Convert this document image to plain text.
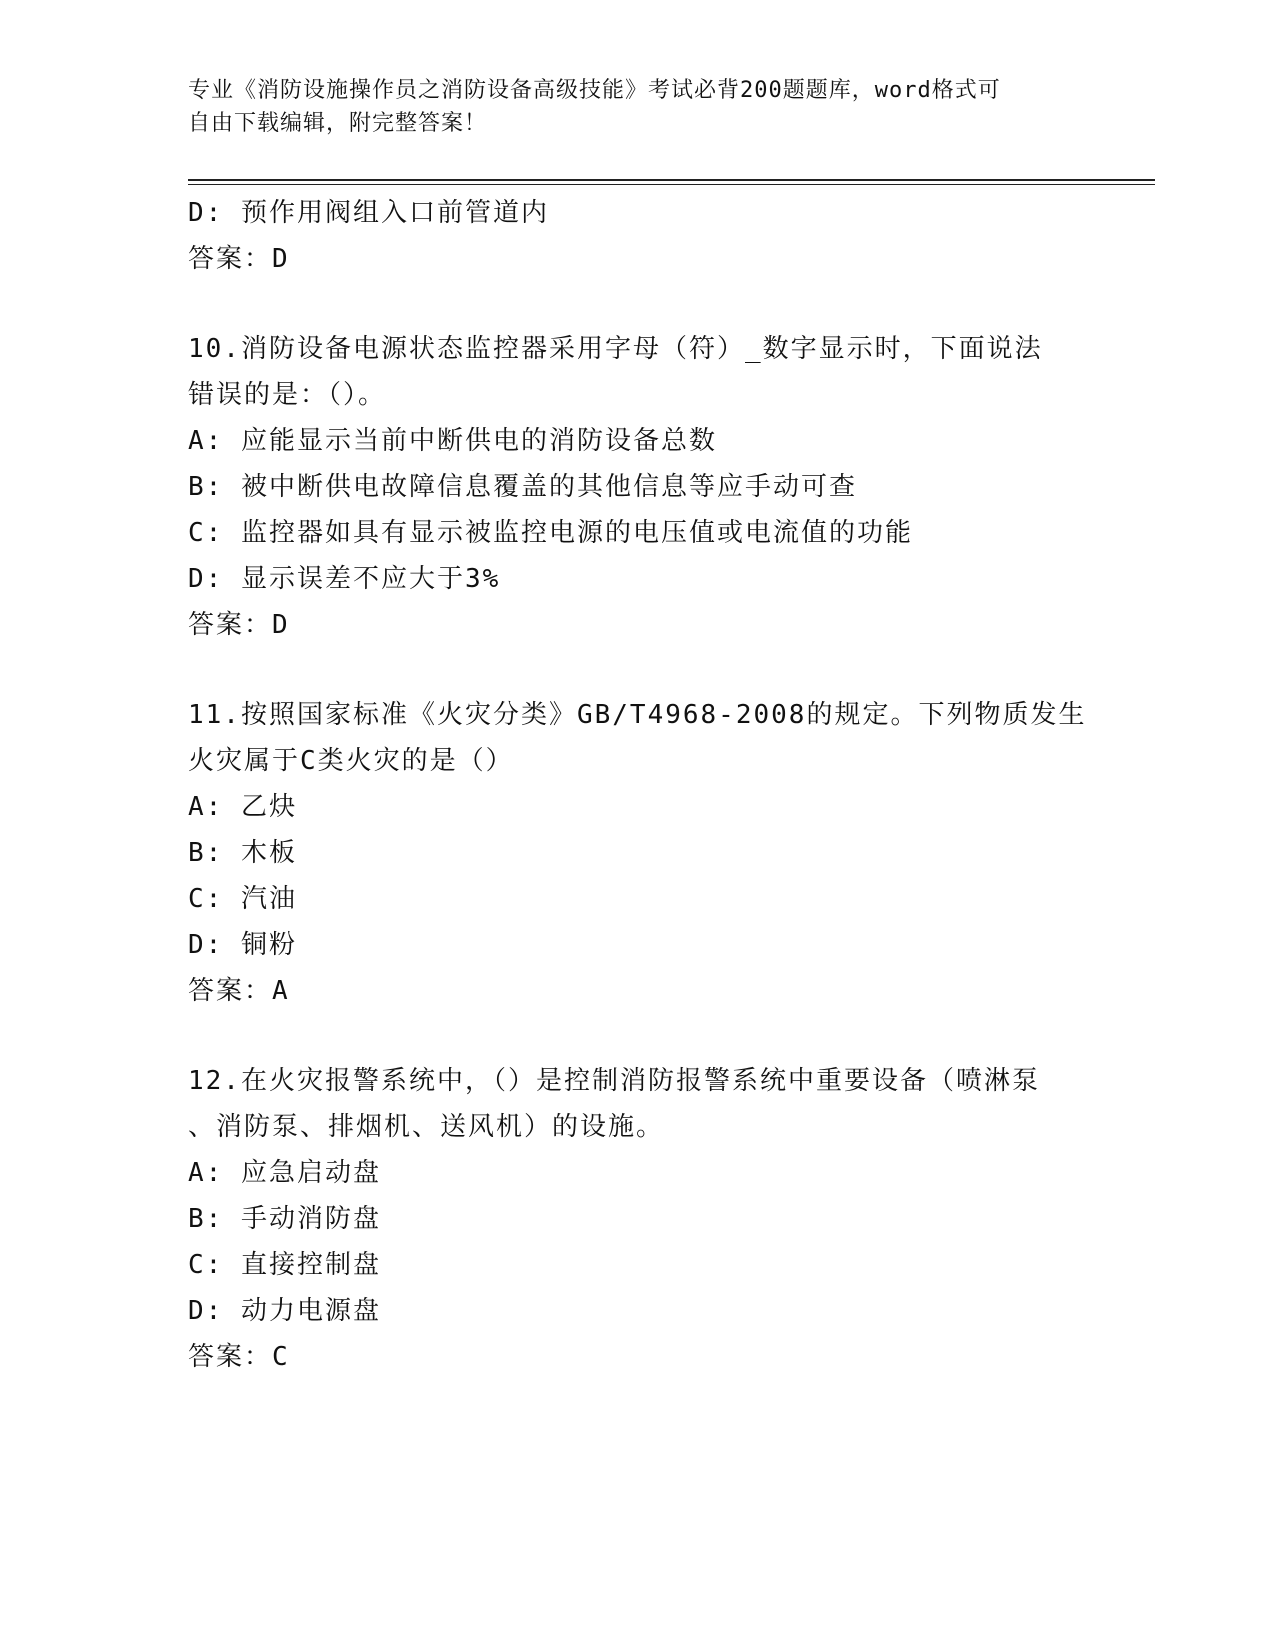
专业《消防设施操作员之消防设备高级技能》考试必背200题题库，word格式可
自由下载编辑，附完整答案！
D: 预作用阀组入口前管道内
答案：D
10.消防设备电源状态监控器采用字母（符）_数字显示时，下面说法
错误的是：（）。
A: 应能显示当前中断供电的消防设备总数
B: 被中断供电故障信息覆盖的其他信息等应手动可查
C: 监控器如具有显示被监控电源的电压值或电流值的功能
D: 显示误差不应大于3%
答案：D
11.按照国家标准《火灾分类》GB/T4968-2008的规定。下列物质发生
火灾属于C类火灾的是（）
A: 乙炔
B: 木板
C: 汽油
D: 铜粉
答案：A
12.在火灾报警系统中，（）是控制消防报警系统中重要设备（喷淋泵
、消防泵、排烟机、送风机）的设施。
A: 应急启动盘
B: 手动消防盘
C: 直接控制盘
D: 动力电源盘
答案：C
